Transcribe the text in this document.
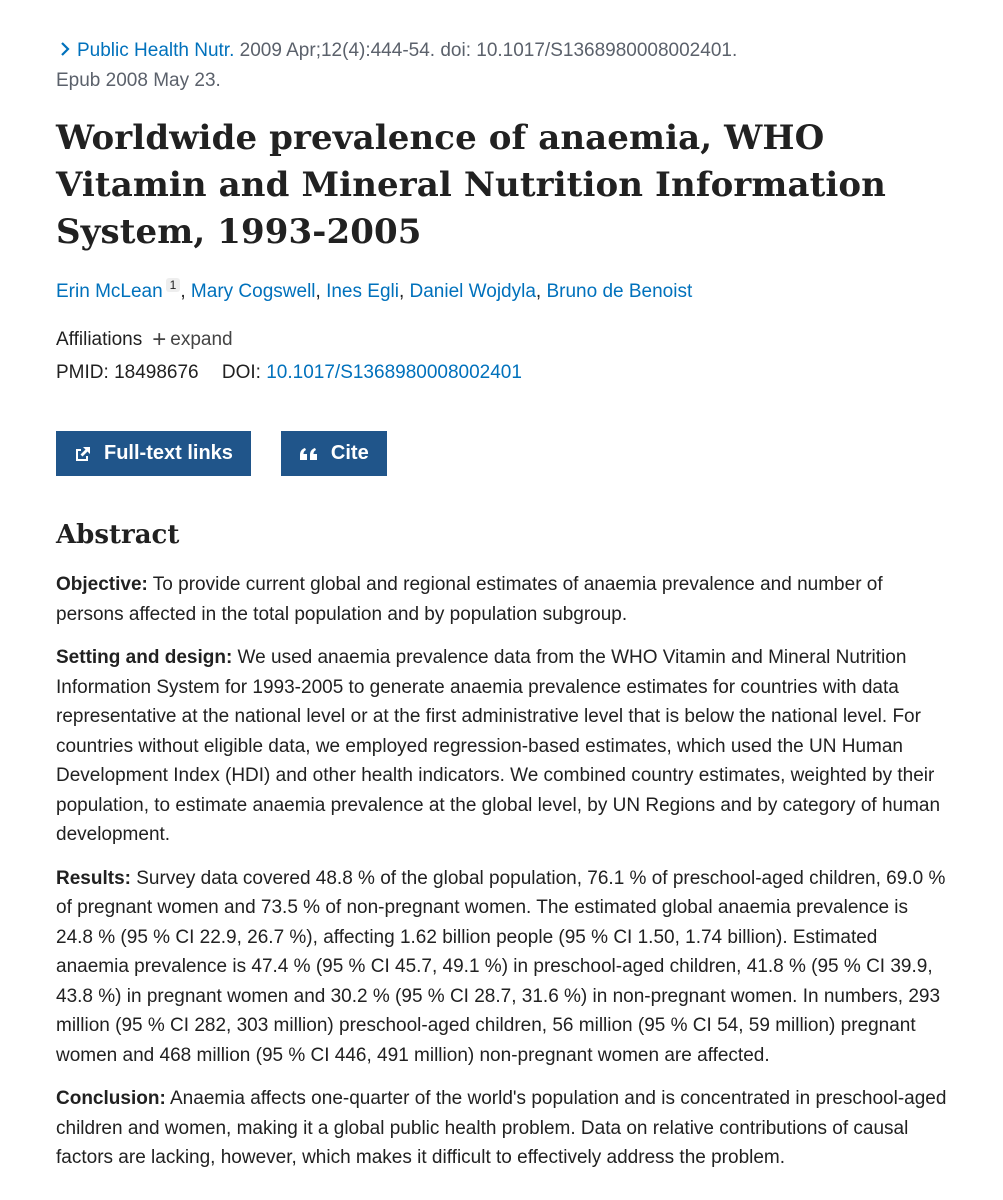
Public Health Nutr. 2009 Apr;12(4):444-54. doi: 10.1017/S1368980008002401.
Epub 2008 May 23.
Worldwide prevalence of anaemia, WHO Vitamin and Mineral Nutrition Information System, 1993-2005
Erin McLean $^1$ , Mary Cogswell, Ines Egli, Daniel Wojdyla, Bruno de Benoist
Affiliations + expand
PMID: 18498676 DOI: 10.1017/S1368980008002401
Full-text links	Cite
Abstract

Objective: To provide current global and regional estimates of anaemia prevalence and number of persons affected in the total population and by population subgroup.

Setting and design: We used anaemia prevalence data from the WHO Vitamin and Mineral Nutrition Information System for 1993-2005 to generate anaemia prevalence estimates for countries with data representative at the national level or at the first administrative level that is below the national level. For countries without eligible data, we employed regression-based estimates, which used the UN Human Development Index (HDI) and other health indicators. We combined country estimates, weighted by their population, to estimate anaemia prevalence at the global level, by UN Regions and by category of human development.

Results: Survey data covered 48.8 % of the global population, 76.1 % of preschool-aged children, 69.0 % of pregnant women and 73.5 % of non-pregnant women. The estimated global anaemia prevalence is 24.8 % (95 % CI 22.9, 26.7 %), affecting 1.62 billion people (95 % CI 1.50, 1.74 billion). Estimated anaemia prevalence is 47.4 % (95 % CI 45.7, 49.1 %) in preschool-aged children, 41.8 % (95 % CI 39.9, 43.8 %) in pregnant women and 30.2 % (95 % CI 28.7, 31.6 %) in non-pregnant women. In numbers, 293 million (95 % CI 282, 303 million) preschool-aged children, 56 million (95 % CI 54, 59 million) pregnant women and 468 million (95 % CI 446, 491 million) non-pregnant women are affected.

Conclusion: Anaemia affects one-quarter of the world's population and is concentrated in preschool-aged children and women, making it a global public health problem. Data on relative contributions of causal factors are lacking, however, which makes it difficult to effectively address the problem.
